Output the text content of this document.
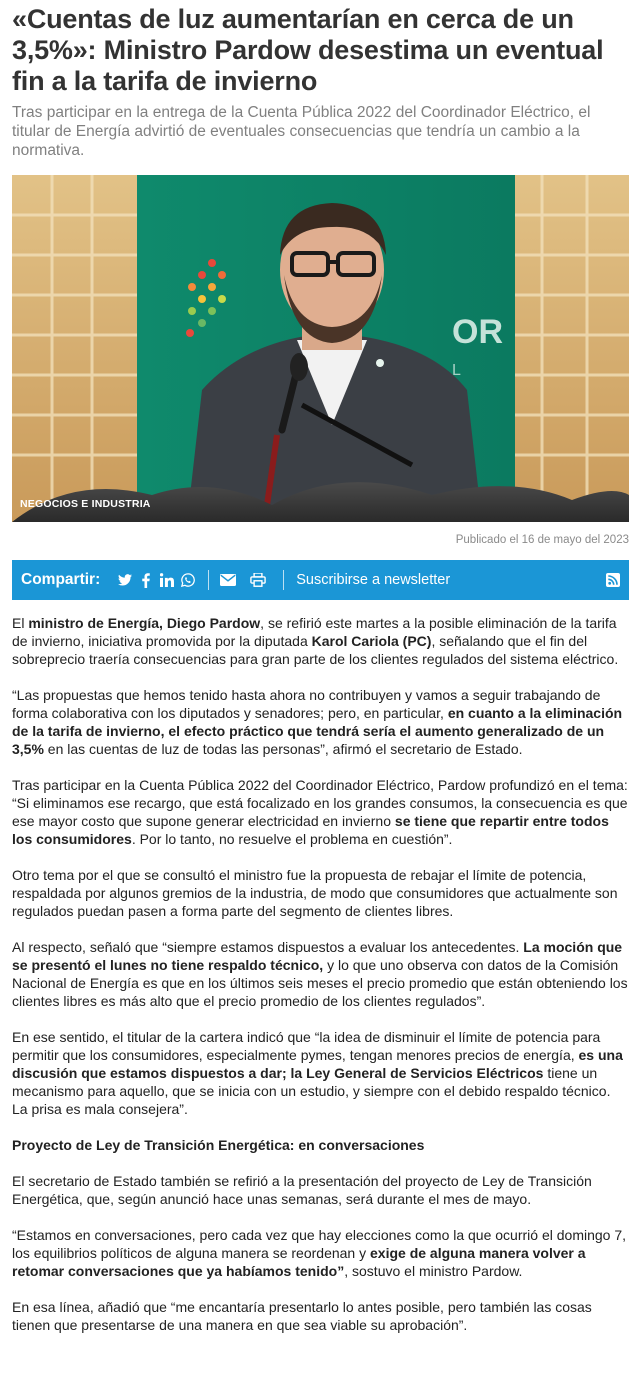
«Cuentas de luz aumentarían en cerca de un 3,5%»: Ministro Pardow desestima un eventual fin a la tarifa de invierno

Tras participar en la entrega de la Cuenta Pública 2022 del Coordinador Eléctrico, el titular de Energía advirtió de eventuales consecuencias que tendría un cambio a la normativa.

OR
L
NEGOCIOS E INDUSTRIA
Publicado el 16 de mayo del 2023
Compartir:	Suscribirse a newsletter

El ministro de Energía, Diego Pardow, se refirió este martes a la posible eliminación de la tarifa de invierno, iniciativa promovida por la diputada Karol Cariola (PC), señalando que el fin del sobreprecio traería consecuencias para gran parte de los clientes regulados del sistema eléctrico.

“Las propuestas que hemos tenido hasta ahora no contribuyen y vamos a seguir trabajando de forma colaborativa con los diputados y senadores; pero, en particular, en cuanto a la eliminación de la tarifa de invierno, el efecto práctico que tendrá sería el aumento generalizado de un 3,5% en las cuentas de luz de todas las personas”, afirmó el secretario de Estado.

Tras participar en la Cuenta Pública 2022 del Coordinador Eléctrico, Pardow profundizó en el tema: “Si eliminamos ese recargo, que está focalizado en los grandes consumos, la consecuencia es que ese mayor costo que supone generar electricidad en invierno se tiene que repartir entre todos los consumidores. Por lo tanto, no resuelve el problema en cuestión”.

Otro tema por el que se consultó el ministro fue la propuesta de rebajar el límite de potencia, respaldada por algunos gremios de la industria, de modo que consumidores que actualmente son regulados puedan pasen a forma parte del segmento de clientes libres.

Al respecto, señaló que “siempre estamos dispuestos a evaluar los antecedentes. La moción que se presentó el lunes no tiene respaldo técnico, y lo que uno observa con datos de la Comisión Nacional de Energía es que en los últimos seis meses el precio promedio que están obteniendo los clientes libres es más alto que el precio promedio de los clientes regulados”.

En ese sentido, el titular de la cartera indicó que “la idea de disminuir el límite de potencia para permitir que los consumidores, especialmente pymes, tengan menores precios de energía, es una discusión que estamos dispuestos a dar; la Ley General de Servicios Eléctricos tiene un mecanismo para aquello, que se inicia con un estudio, y siempre con el debido respaldo técnico. La prisa es mala consejera”.

Proyecto de Ley de Transición Energética: en conversaciones

El secretario de Estado también se refirió a la presentación del proyecto de Ley de Transición Energética, que, según anunció hace unas semanas, será durante el mes de mayo.

“Estamos en conversaciones, pero cada vez que hay elecciones como la que ocurrió el domingo 7, los equilibrios políticos de alguna manera se reordenan y exige de alguna manera volver a retomar conversaciones que ya habíamos tenido”, sostuvo el ministro Pardow.

En esa línea, añadió que “me encantaría presentarlo lo antes posible, pero también las cosas tienen que presentarse de una manera en que sea viable su aprobación”.
